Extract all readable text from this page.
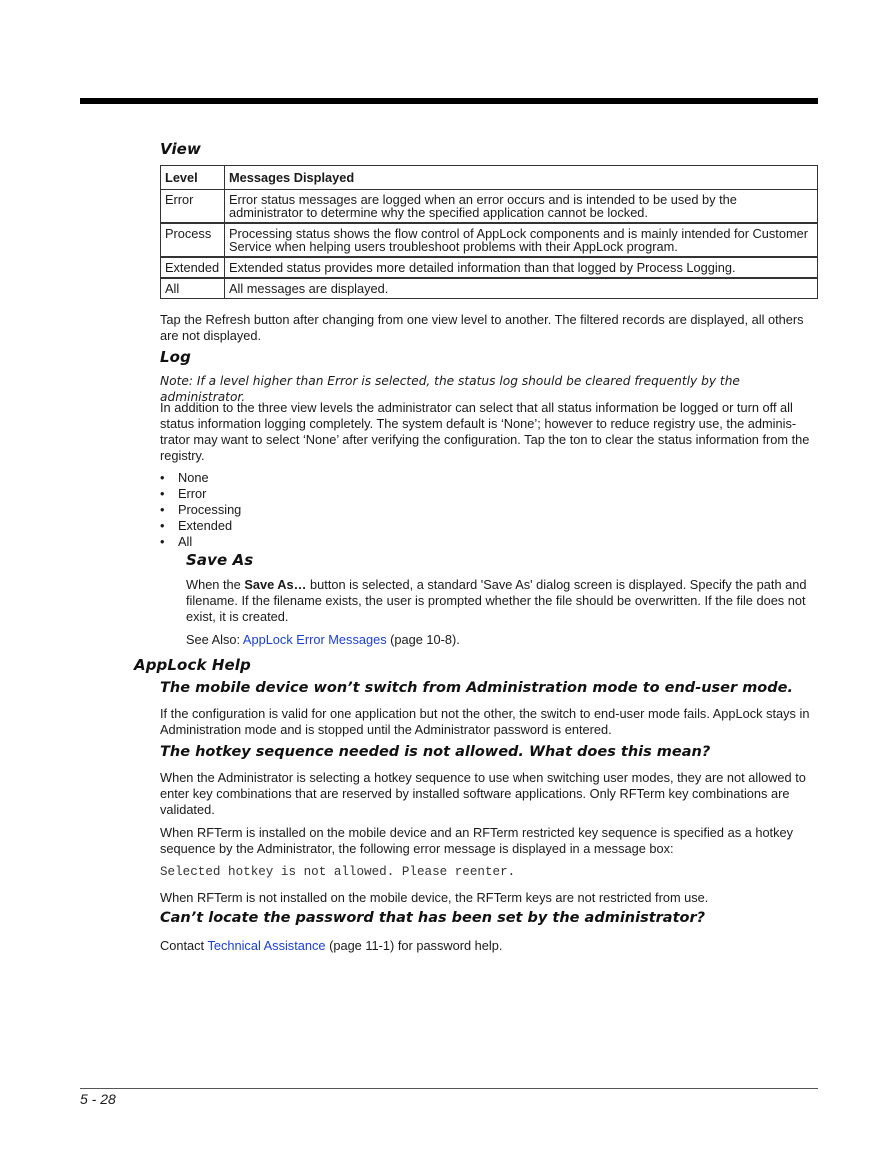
View
Level	Messages Displayed
Error	Error status messages are logged when an error occurs and is intended to be used by the administrator to determine why the specified application cannot be locked.
Process	Processing status shows the flow control of AppLock components and is mainly intended for Customer Service when helping users troubleshoot problems with their AppLock program.
Extended	Extended status provides more detailed information than that logged by Process Logging.
All	All messages are displayed.

Tap the Refresh button after changing from one view level to another. The filtered records are displayed, all others are not displayed.

Log

Note: If a level higher than Error is selected, the status log should be cleared frequently by the administrator.

In addition to the three view levels the administrator can select that all status information be logged or turn off all status information logging completely. The system default is ‘None’; however to reduce registry use, the adminis-trator may want to select ‘None’ after verifying the configuration. Tap the ton to clear the status information from the registry.

• None
• Error
• Processing
• Extended
• All
Save As

When the Save As… button is selected, a standard 'Save As' dialog screen is displayed. Specify the path and filename. If the filename exists, the user is prompted whether the file should be overwritten. If the file does not exist, it is created.

See Also: AppLock Error Messages (page 10-8).

AppLock Help
The mobile device won’t switch from Administration mode to end-user mode.

If the configuration is valid for one application but not the other, the switch to end-user mode fails. AppLock stays in Administration mode and is stopped until the Administrator password is entered.

The hotkey sequence needed is not allowed. What does this mean?

When the Administrator is selecting a hotkey sequence to use when switching user modes, they are not allowed to enter key combinations that are reserved by installed software applications. Only RFTerm key combinations are validated.

When RFTerm is installed on the mobile device and an RFTerm restricted key sequence is specified as a hotkey sequence by the Administrator, the following error message is displayed in a message box:

Selected hotkey is not allowed. Please reenter.

When RFTerm is not installed on the mobile device, the RFTerm keys are not restricted from use.

Can’t locate the password that has been set by the administrator?

Contact Technical Assistance (page 11-1) for password help.

5 - 28
